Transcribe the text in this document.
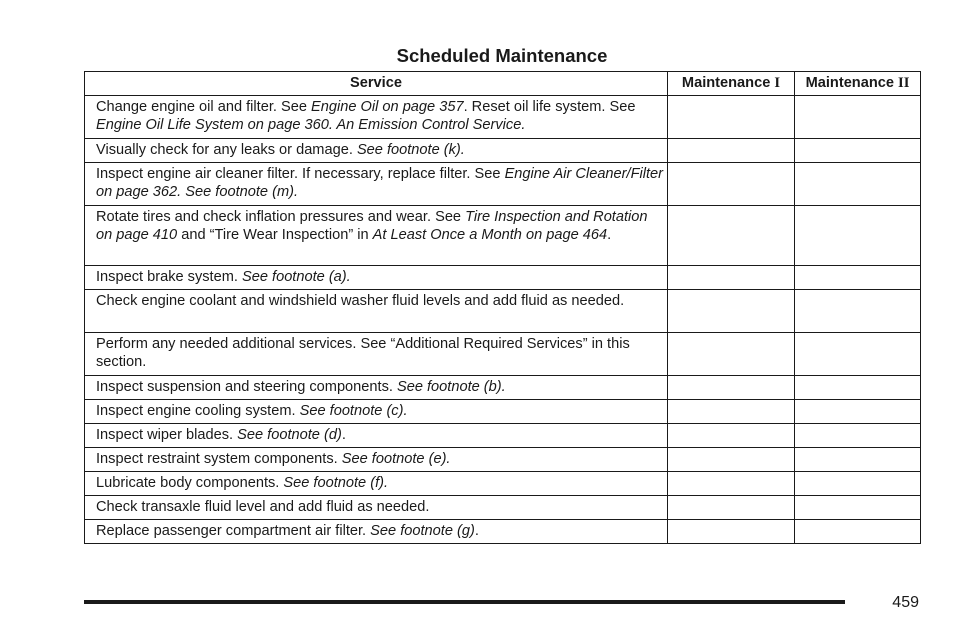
Scheduled Maintenance
Service	Maintenance I	Maintenance II

Change engine oil and filter. See Engine Oil on page 357. Reset oil life system. See Engine Oil Life System on page 360. An Emission Control Service.		

Visually check for any leaks or damage. See footnote (k).		

Inspect engine air cleaner filter. If necessary, replace filter. See Engine Air Cleaner/Filter on page 362. See footnote (m).		

Rotate tires and check inflation pressures and wear. See Tire Inspection and Rotation on page 410 and “Tire Wear Inspection” in At Least Once a Month on page 464.		

Inspect brake system. See footnote (a).		

Check engine coolant and windshield washer fluid levels and add fluid as needed.		

Perform any needed additional services. See “Additional Required Services” in this section.		

Inspect suspension and steering components. See footnote (b).		

Inspect engine cooling system. See footnote (c).		

Inspect wiper blades. See footnote (d).		

Inspect restraint system components. See footnote (e).		

Lubricate body components. See footnote (f).		

Check transaxle fluid level and add fluid as needed.		

Replace passenger compartment air filter. See footnote (g).		

459
